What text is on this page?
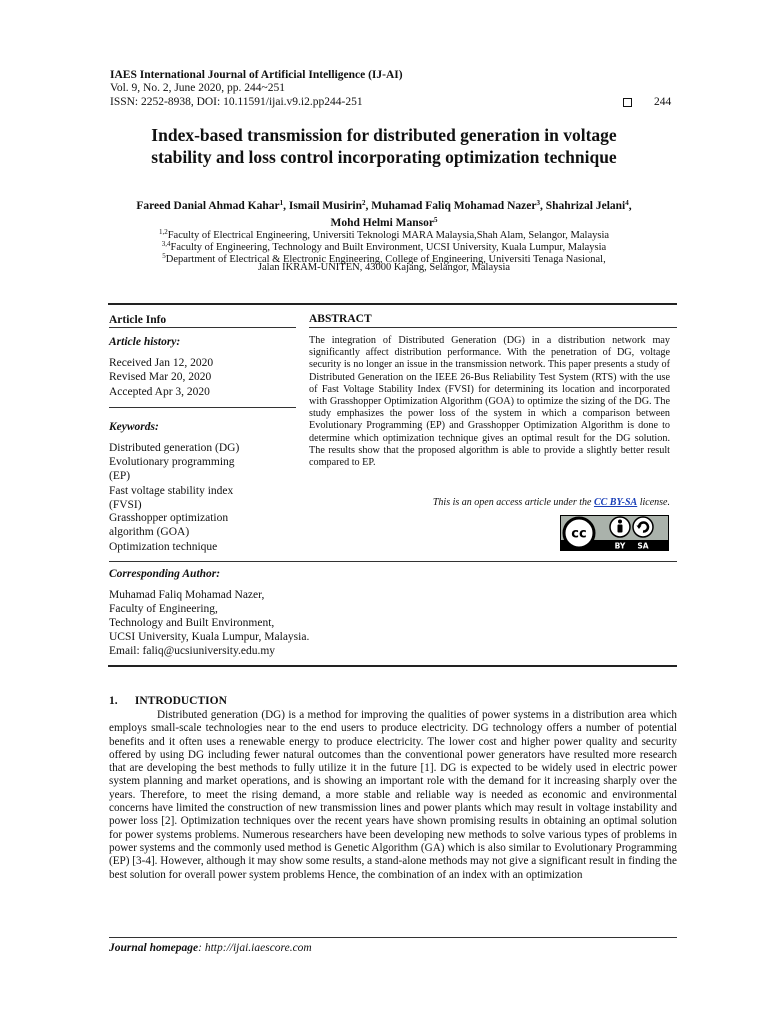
IAES International Journal of Artificial Intelligence (IJ-AI)
Vol. 9, No. 2, June 2020, pp. 244~251
ISSN: 2252-8938, DOI: 10.11591/ijai.v9.i2.pp244-251	244
Index-based transmission for distributed generation in voltage
stability and loss control incorporating optimization technique
Fareed Danial Ahmad Kahar$^1$, Ismail Musirin$^2$, Muhamad Faliq Mohamad Nazer$^3$, Shahrizal Jelani$^4$,
Mohd Helmi Mansor$^5$
$^{1,2}$Faculty of Electrical Engineering, Universiti Teknologi MARA Malaysia,Shah Alam, Selangor, Malaysia
$^{3,4}$Faculty of Engineering, Technology and Built Environment, UCSI University, Kuala Lumpur, Malaysia
$^5$Department of Electrical & Electronic Engineering, College of Engineering, Universiti Tenaga Nasional,
Jalan IKRAM-UNITEN, 43000 Kajang, Selangor, Malaysia
Article Info
Article history:
Received Jan 12, 2020
Revised Mar 20, 2020
Accepted Apr 3, 2020
Keywords:
Distributed generation (DG)
Evolutionary programming
(EP)
Fast voltage stability index
(FVSI)
Grasshopper optimization
algorithm (GOA)
Optimization technique
ABSTRACT
The integration of Distributed Generation (DG) in a distribution network may significantly affect distribution performance. With the penetration of DG, voltage security is no longer an issue in the transmission network. This paper presents a study of Distributed Generation on the IEEE 26-Bus Reliability Test System (RTS) with the use of Fast Voltage Stability Index (FVSI) for determining its location and incorporated with Grasshopper Optimization Algorithm (GOA) to optimize the sizing of the DG. The study emphasizes the power loss of the system in which a comparison between Evolutionary Programming (EP) and Grasshopper Optimization Algorithm is done to determine which optimization technique gives an optimal result for the DG solution. The results show that the proposed algorithm is able to provide a slightly better result compared to EP.
This is an open access article under the CC BY-SA license.
cc
BY SA
Corresponding Author:
Muhamad Faliq Mohamad Nazer,
Faculty of Engineering,
Technology and Built Environment,
UCSI University, Kuala Lumpur, Malaysia.
Email: faliq@ucsiuniversity.edu.my
1.      INTRODUCTION
Distributed generation (DG) is a method for improving the qualities of power systems in a distribution area which employs small-scale technologies near to the end users to produce electricity. DG technology offers a number of potential benefits and it often uses a renewable energy to produce electricity. The lower cost and higher power quality and security offered by using DG including fewer natural outcomes than the conventional power generators have resulted more research that are developing the best methods to fully utilize it in the future [1]. DG is expected to be widely used in electric power system planning and market operations, and is showing an important role with the demand for it increasing sharply over the years. Therefore, to meet the rising demand, a more stable and reliable way is needed as economic and environmental concerns have limited the construction of new transmission lines and power plants which may result in voltage instability and power loss [2]. Optimization techniques over the recent years have shown promising results in obtaining an optimal solution for power systems problems. Numerous researchers have been developing new methods to solve various types of problems in power systems and the commonly used method is Genetic Algorithm (GA) which is also similar to Evolutionary Programming (EP) [3-4]. However, although it may show some results, a stand-alone methods may not give a significant result in finding the best solution for overall power system problems Hence, the combination of an index with an optimization
Journal homepage: http://ijai.iaescore.com
